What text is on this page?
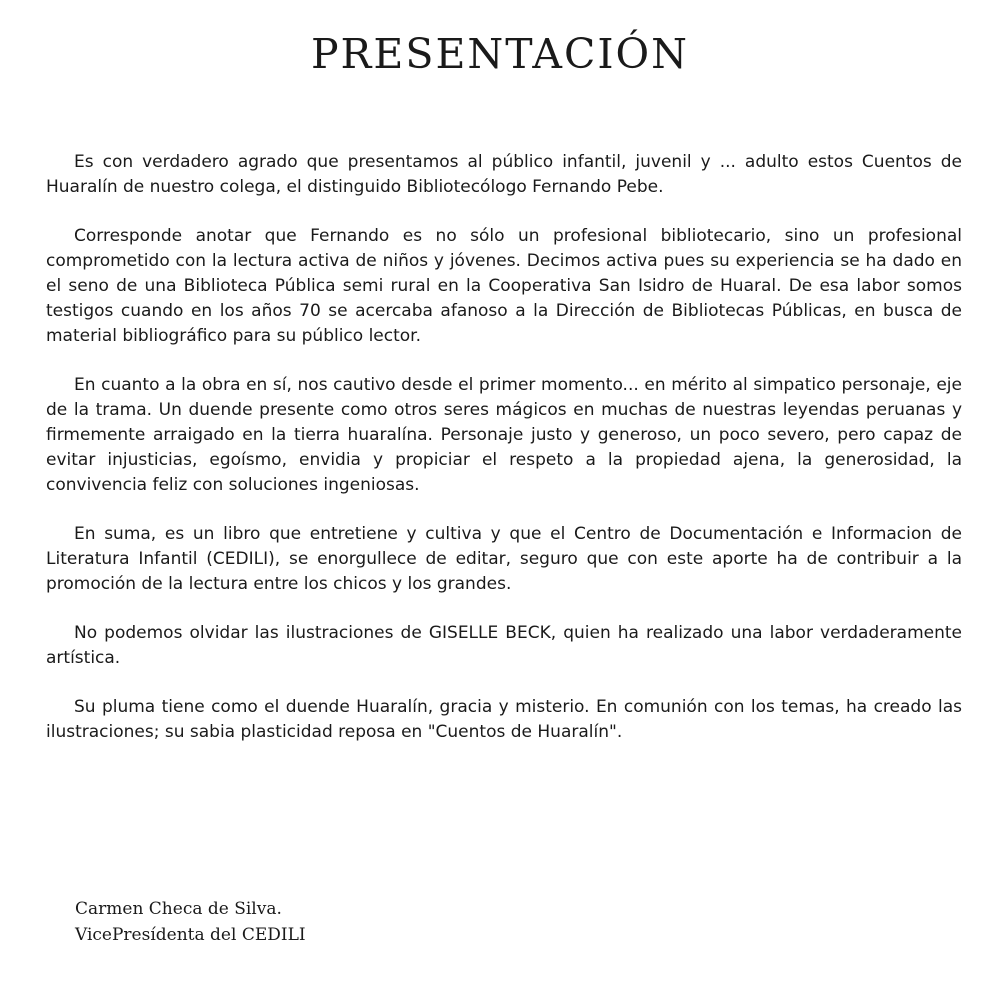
PRESENTACIÓN

Es con verdadero agrado que presentamos al público infantil, juvenil y ... adulto estos Cuentos de Huaralín de nuestro colega, el distinguido Bibliotecólogo Fernando Pebe.

Corresponde anotar que Fernando es no sólo un profesional bibliotecario, sino un profesional comprometido con la lectura activa de niños y jóvenes. Decimos activa pues su experiencia se ha dado en el seno de una Biblioteca Pública semi rural en la Cooperativa San Isidro de Huaral. De esa labor somos testigos cuando en los años 70 se acercaba afanoso a la Dirección de Bibliotecas Públicas, en busca de material bibliográfico para su público lector.

En cuanto a la obra en sí, nos cautivo desde el primer momento... en mérito al simpatico personaje, eje de la trama. Un duende presente como otros seres mágicos en muchas de nuestras leyendas peruanas y firmemente arraigado en la tierra huaralína. Personaje justo y generoso, un poco severo, pero capaz de evitar injusticias, egoísmo, envidia y propiciar el respeto a la propiedad ajena, la generosidad, la convivencia feliz con soluciones ingeniosas.

En suma, es un libro que entretiene y cultiva y que el Centro de Documentación e Informacion de Literatura Infantil (CEDILI), se enorgullece de editar, seguro que con este aporte ha de contribuir a la promoción de la lectura entre los chicos y los grandes.

No podemos olvidar las ilustraciones de GISELLE BECK, quien ha realizado una labor verdaderamente artística.

Su pluma tiene como el duende Huaralín, gracia y misterio. En comunión con los temas, ha creado las ilustraciones; su sabia plasticidad reposa en "Cuentos de Huaralín".

Carmen Checa de Silva.
VicePresídenta del CEDILI
